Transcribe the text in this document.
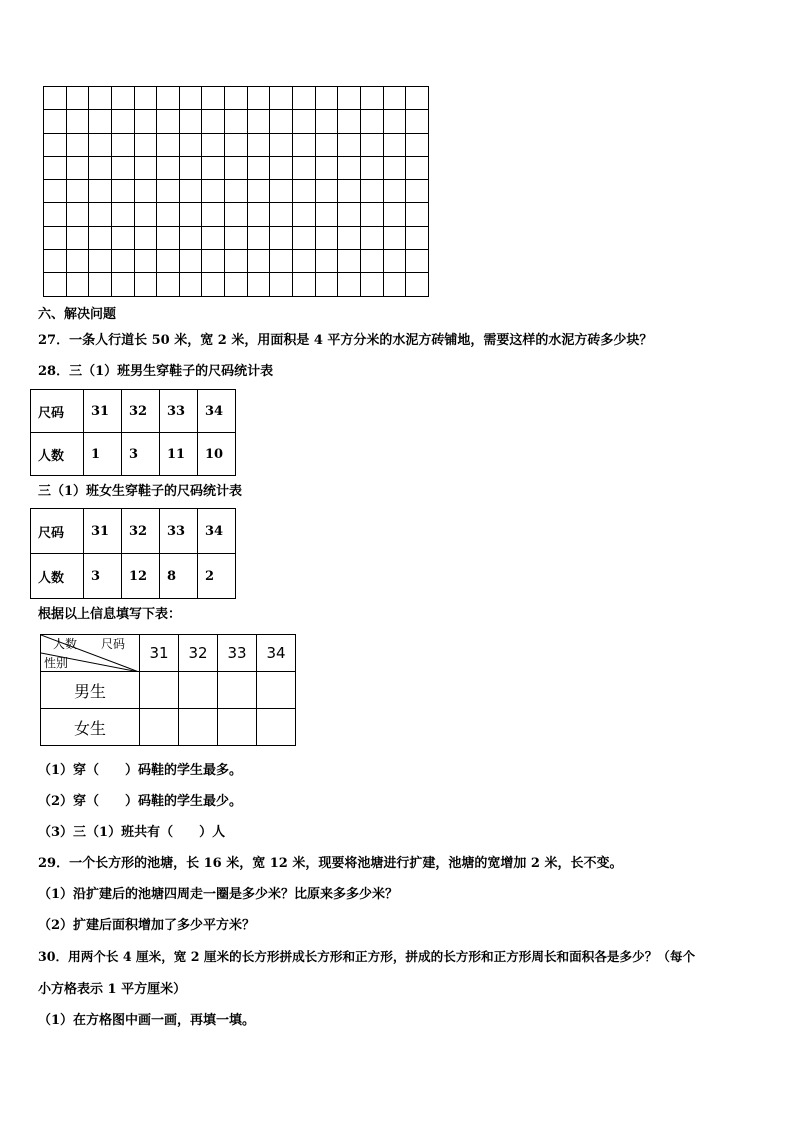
六、解决问题
27．一条人行道长 50 米，宽 2 米，用面积是 4 平方分米的水泥方砖铺地，需要这样的水泥方砖多少块？
28．三（1）班男生穿鞋子的尺码统计表
尺码	31	32	33	34
人数	1	3	11	10
三（1）班女生穿鞋子的尺码统计表
尺码	31	32	33	34
人数	3	12	8	2
根据以上信息填写下表：
人数 尺码
性别	31	32	33	34
男生				
女生				
（1）穿（　　）码鞋的学生最多。
（2）穿（　　）码鞋的学生最少。
（3）三（1）班共有（　　）人
29．一个长方形的池塘，长 16 米，宽 12 米，现要将池塘进行扩建，池塘的宽增加 2 米，长不变。
（1）沿扩建后的池塘四周走一圈是多少米？比原来多多少米？
（2）扩建后面积增加了多少平方米？
30．用两个长 4 厘米，宽 2 厘米的长方形拼成长方形和正方形，拼成的长方形和正方形周长和面积各是多少？（每个
小方格表示 1 平方厘米）
（1）在方格图中画一画，再填一填。
